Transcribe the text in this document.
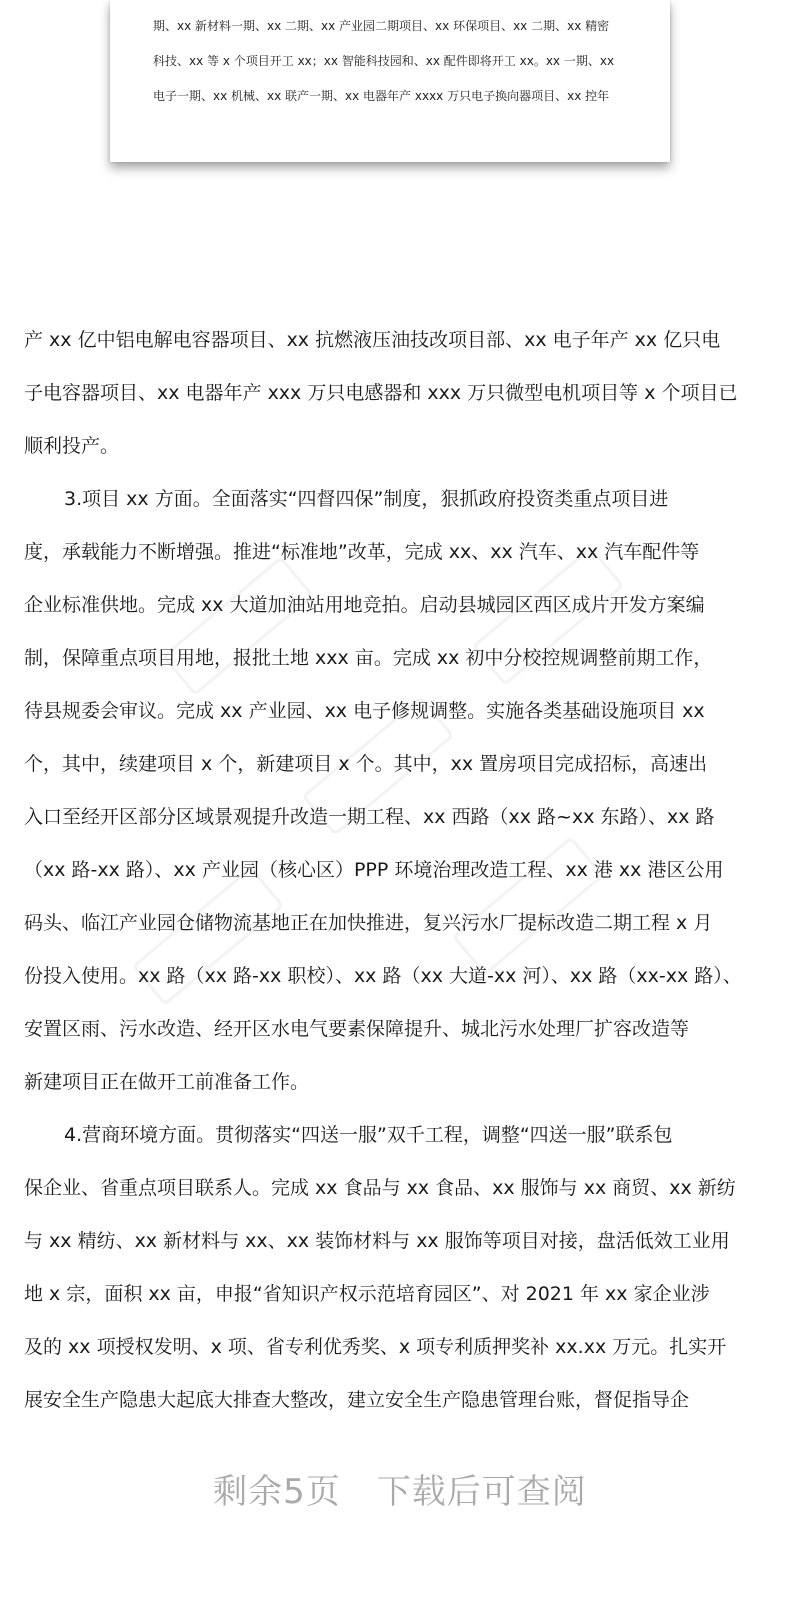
期、xx 新材料一期、xx 二期、xx 产业园二期项目、xx 环保项目、xx 二期、xx 精密
科技、xx 等 x 个项目开工 xx；xx 智能科技园和、xx 配件即将开工 xx。xx 一期、xx
电子一期、xx 机械、xx 联产一期、xx 电器年产 xxxx 万只电子换向器项目、xx 控年
产 xx 亿中铝电解电容器项目、xx 抗燃液压油技改项目部、xx 电子年产 xx 亿只电
子电容器项目、xx 电器年产 xxx 万只电感器和 xxx 万只微型电机项目等 x 个项目已
顺利投产。
3.项目 xx 方面。全面落实“四督四保”制度，狠抓政府投资类重点项目进
度，承载能力不断增强。推进“标准地”改革，完成 xx、xx 汽车、xx 汽车配件等
企业标准供地。完成 xx 大道加油站用地竞拍。启动县城园区西区成片开发方案编
制，保障重点项目用地，报批土地 xxx 亩。完成 xx 初中分校控规调整前期工作，
待县规委会审议。完成 xx 产业园、xx 电子修规调整。实施各类基础设施项目 xx
个，其中，续建项目 x 个，新建项目 x 个。其中，xx 置房项目完成招标，高速出
入口至经开区部分区域景观提升改造一期工程、xx 西路（xx 路~xx 东路）、xx 路
（xx 路-xx 路）、xx 产业园（核心区）PPP 环境治理改造工程、xx 港 xx 港区公用
码头、临江产业园仓储物流基地正在加快推进，复兴污水厂提标改造二期工程 x 月
份投入使用。xx 路（xx 路-xx 职校）、xx 路（xx 大道-xx 河）、xx 路（xx-xx 路）、
安置区雨、污水改造、经开区水电气要素保障提升、城北污水处理厂扩容改造等
新建项目正在做开工前准备工作。
4.营商环境方面。贯彻落实“四送一服”双千工程，调整“四送一服”联系包
保企业、省重点项目联系人。完成 xx 食品与 xx 食品、xx 服饰与 xx 商贸、xx 新纺
与 xx 精纺、xx 新材料与 xx、xx 装饰材料与 xx 服饰等项目对接，盘活低效工业用
地 x 宗，面积 xx 亩，申报“省知识产权示范培育园区”、对 2021 年 xx 家企业涉
及的 xx 项授权发明、x 项、省专利优秀奖、x 项专利质押奖补 xx.xx 万元。扎实开
展安全生产隐患大起底大排查大整改，建立安全生产隐患管理台账，督促指导企
剩余5页 下载后可查阅
